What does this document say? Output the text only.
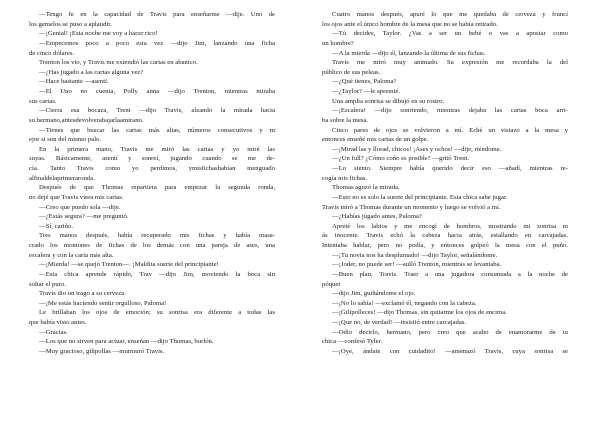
—Tengo fe en la capacidad de Travis para enseñarme —dije. Uno de

los gemelos se puso a aplaudir.

—¡Genial! ¡Esta noche me voy a hacer rico!

—Empecemos poco a poco esta vez —dijo Jim, lanzando una ficha

de cinco dólares.

Trenton los vio, y Travis me extendió las cartas en abanico.

—¿Has jugado a las cartas alguna vez?

—Hace bastante —asentí.

—El Uno no cuenta, Polly anna —dijo Trenton, mientras miraba

sus cartas.

—Cierra esa bocaza, Trent —dijo Travis, alzando la mirada hacia

su hermano,antesdevolverabajarlaamirano.

—Tienes que buscar las cartas más altas, números consecutivos y m

ejor si son del mismo palo.

En la primera mano, Travis me miró las cartas y yo miré las

suyas. Básicamente, asentí y sonreí, jugando cuando se me de-

cía. Tanto Travis como yo perdimos, ymisfichashabían menguado

alfinaldelaprimeraronda.

Después de que Thomas repartiera para empezar la segunda ronda,

no dejé que Travis viera mis cartas.

—Creo que puedo sola —dije.

—¿Estás segura? —me preguntó.

—Sí, cariño.

Tres manos después, había recuperado mis fichas y había masa-

crado los montones de fichas de los demás con una pareja de ases, una

escalera y con la carta más alta.

—¡Mierda! —se quejó Trenton—. ¡Maldita suerte del principiante!

—Esta chica aprende rápido, Trav —dijo Jim, moviendo la boca sin

soltar el puro.

Travis dio un trago a su cerveza.

—¡Me estás haciendo sentir orgulloso, Paloma!

Le brillaban los ojos de emoción; su sonrisa era diferente a todas las

que había visto antes.

—Gracias.

—Los que no sirven para actuar, enseñan —dijo Thomas, burlón.

—Muy gracioso, gilipollas —murmuró Travis.

Cuatro manos después, apuré lo que me quedaba de cerveza y fruncí

los ojos ante el único hombre de la mesa que no se había retirado.

—Tú decides, Taylor. ¿Vas a ser un bebé o vas a apostar como

un hombre?

—A la mierda —dijo él, lanzando la última de sus fichas.

Travis me miró muy animado. Su expresión me recordaba la del

público de sus peleas.

—¿Qué tienes, Paloma?

—¿Taylor? —le apremié.

Una amplia sonrisa se dibujó en su rostro.

—¡Escalera! —dijo sonriendo, mientras dejaba las cartas boca arri-

ba sobre la mesa.

Cinco pares de ojos se volvieron a mí. Eché un vistazo a la mesa y

entonces enseñé mis cartas de un golpe.

—¡Mirad las y llorad, chicos! ¡Ases y ochos! —dije, riéndome.

—¿Un full? ¿Cómo coño es posible? —gritó Trent.

—Lo siento. Siempre había querido decir eso —añadí, mientras re-

cogía mis fichas.

Thomas aguzó la mirada.

—Esto no es solo la suerte del principiante. Esta chica sabe jugar.

Travis miró a Thomas durante un momento y luego se volvió a mí.

—¿Habías jugado antes, Paloma?

Apreté los labios y me encogí de hombros, mostrando mi sonrisa m

ás inocente. Travis echó la cabeza hacia atrás, estallando en carcajadas.

Intentaba hablar, pero no podía, y entonces golpeó la mesa con el puño.

—¡Tu novia nos ha desplumado! —dijo Taylor, señalándome.

—¡Joder, no puede ser! —aulló Trenton, mientras se levantaba.

—Buen plan, Travis. Traer a una jugadora consumada a la noche de

póquer

—dijo Jim, guiñándome el ojo.

—¡No lo sabía! —exclamó él, negando con la cabeza.

—¡Gilipolleces! —dijo Thomas, sin quitarme los ojos de encima.

—¡Que no, de verdad! —insistió entre carcajadas.

—Odio decirlo, hermano, pero creo que acabo de enamorarme de tu

chica —confesó Tyler.

—¡Oye, ándate con cuidadito! —amenazó Travis, cuya sonrisa se
